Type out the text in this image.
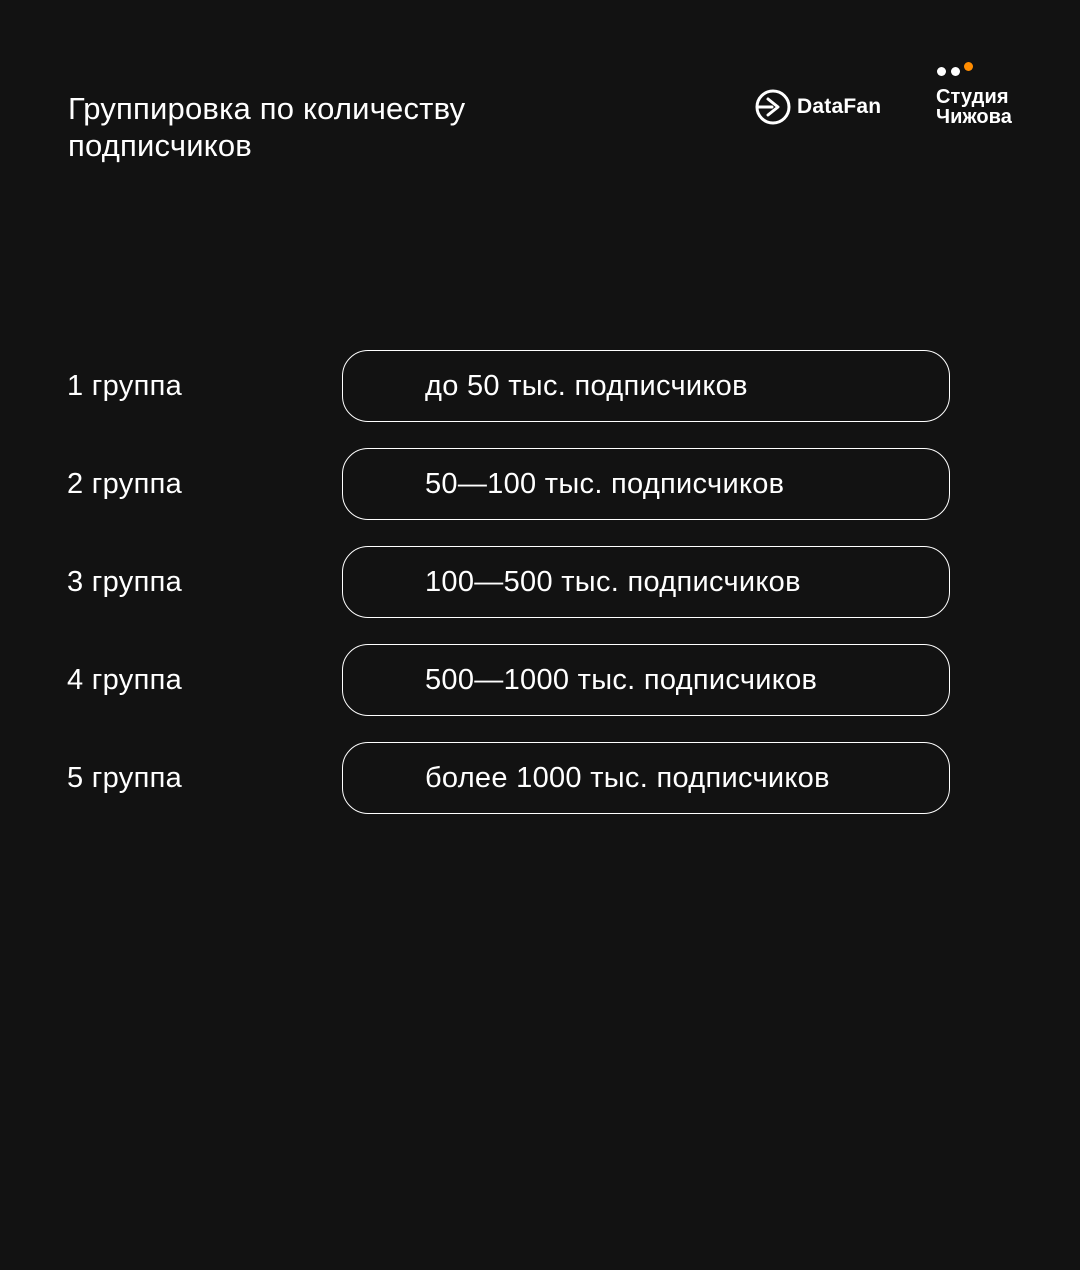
Группировка по количеству
подписчиков
DataFan	Студия
Чижова
1 группа	до 50 тыс. подписчиков
2 группа	50—100 тыс. подписчиков
3 группа	100—500 тыс. подписчиков
4 группа	500—1000 тыс. подписчиков
5 группа	более 1000 тыс. подписчиков
